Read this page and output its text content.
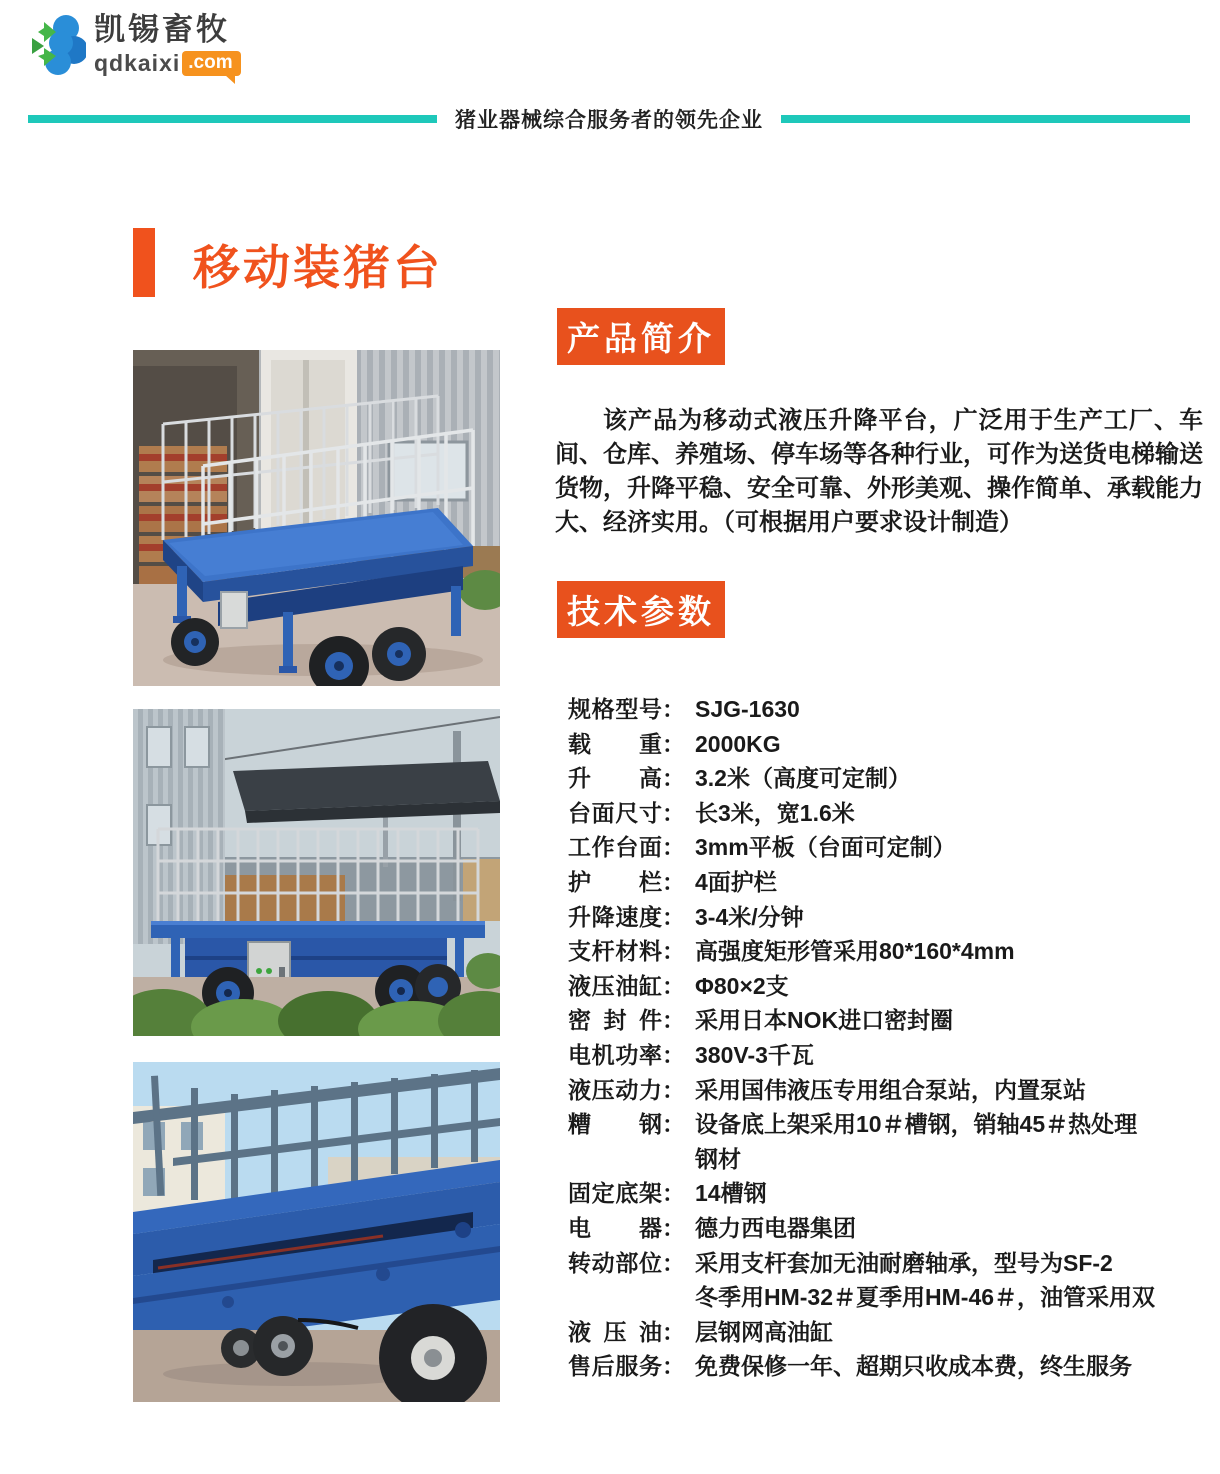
凯锡畜牧
qdkaixi .com
猪业器械综合服务者的领先企业
移动装猪台
产品简介
该产品为移动式液压升降平台，广泛用于生产工厂、车间、仓库、养殖场、停车场等各种行业，可作为送货电梯输送货物，升降平稳、安全可靠、外形美观、操作简单、承载能力大、经济实用。（可根据用户要求设计制造）
技术参数
规格型号 ： SJG-1630
载重 ： 2000KG
升高 ： 3.2米（高度可定制）
台面尺寸 ： 长3米，宽1.6米
工作台面 ： 3mm平板（台面可定制）
护栏 ： 4面护栏
升降速度 ： 3-4米/分钟
支杆材料 ： 高强度矩形管采用80*160*4mm
液压油缸 ： Φ80×2支
密封件 ： 采用日本NOK进口密封圈
电机功率 ： 380V-3千瓦
液压动力 ： 采用国伟液压专用组合泵站，内置泵站
糟钢 ： 设备底上架采用10＃槽钢，销轴45＃热处理
钢材
固定底架 ： 14槽钢
电器 ： 德力西电器集团
转动部位 ： 采用支杆套加无油耐磨轴承，型号为SF-2
冬季用HM-32＃夏季用HM-46＃，油管采用双
液压油 ： 层钢网高油缸
售后服务 ： 免费保修一年、超期只收成本费，终生服务
